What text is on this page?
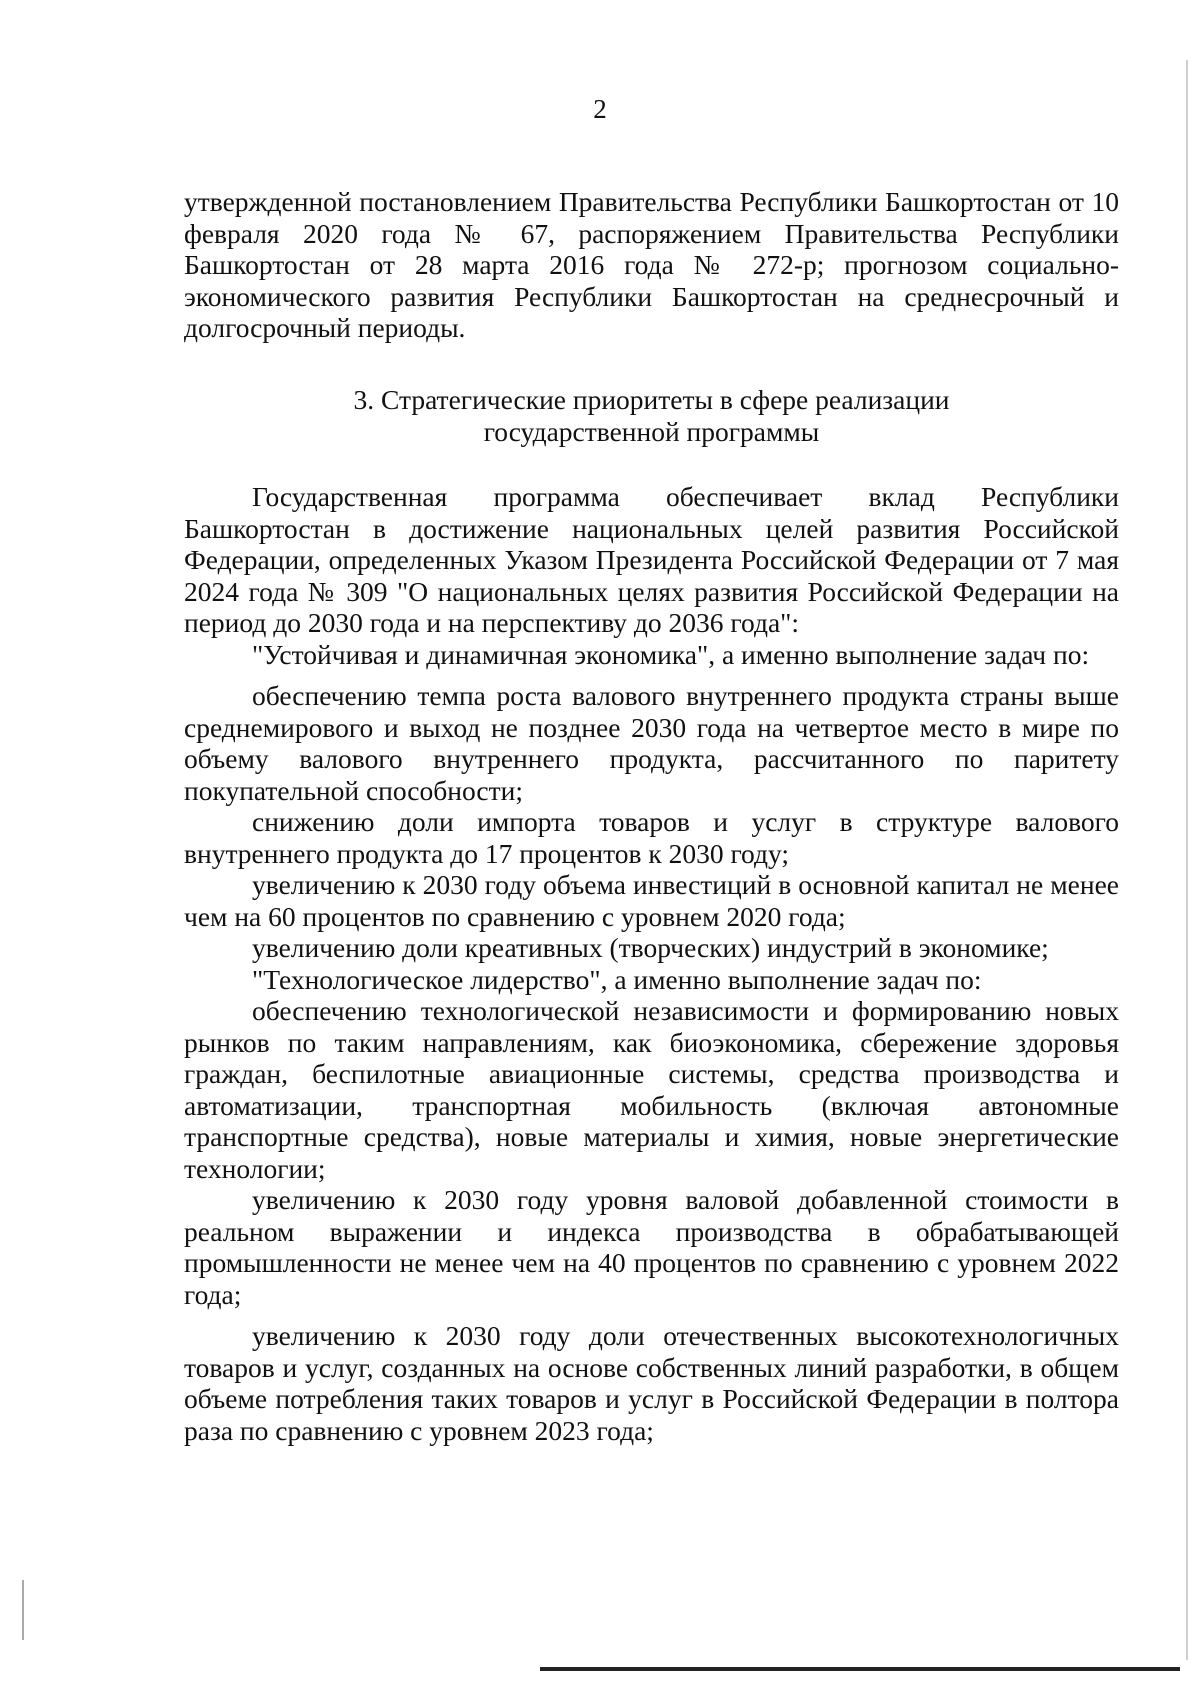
2

утвержденной постановлением Правительства Республики Башкортостан от 10 февраля 2020 года № 67, распоряжением Правительства Республики Башкортостан от 28 марта 2016 года № 272-р; прогнозом социально-экономического развития Республики Башкортостан на среднесрочный и долгосрочный периоды.

3. Стратегические приоритеты в сфере реализации
государственной программы

Государственная программа обеспечивает вклад Республики Башкортостан в достижение национальных целей развития Российской Федерации, определенных Указом Президента Российской Федерации от 7 мая 2024 года № 309 "О национальных целях развития Российской Федерации на период до 2030 года и на перспективу до 2036 года":

"Устойчивая и динамичная экономика", а именно выполнение задач по:

обеспечению темпа роста валового внутреннего продукта страны выше среднемирового и выход не позднее 2030 года на четвертое место в мире по объему валового внутреннего продукта, рассчитанного по паритету покупательной способности;

снижению доли импорта товаров и услуг в структуре валового внутреннего продукта до 17 процентов к 2030 году;

увеличению к 2030 году объема инвестиций в основной капитал не менее чем на 60 процентов по сравнению с уровнем 2020 года;

увеличению доли креативных (творческих) индустрий в экономике;

"Технологическое лидерство", а именно выполнение задач по:

обеспечению технологической независимости и формированию новых рынков по таким направлениям, как биоэкономика, сбережение здоровья граждан, беспилотные авиационные системы, средства производства и автоматизации, транспортная мобильность (включая автономные транспортные средства), новые материалы и химия, новые энергетические технологии;

увеличению к 2030 году уровня валовой добавленной стоимости в реальном выражении и индекса производства в обрабатывающей промышленности не менее чем на 40 процентов по сравнению с уровнем 2022 года;

увеличению к 2030 году доли отечественных высокотехнологичных товаров и услуг, созданных на основе собственных линий разработки, в общем объеме потребления таких товаров и услуг в Российской Федерации в полтора раза по сравнению с уровнем 2023 года;
